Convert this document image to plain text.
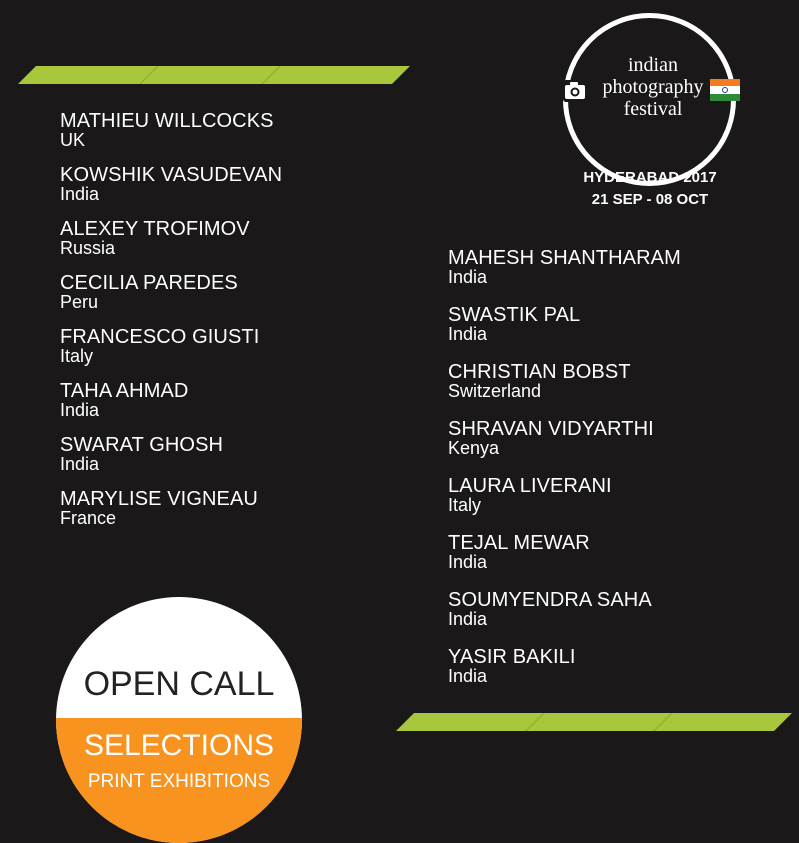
MATHIEU WILLCOCKS
UK
KOWSHIK VASUDEVAN
India
ALEXEY TROFIMOV
Russia
CECILIA PAREDES
Peru
FRANCESCO GIUSTI
Italy
TAHA AHMAD
India
SWARAT GHOSH
India
MARYLISE VIGNEAU
France
MAHESH SHANTHARAM
India
SWASTIK PAL
India
CHRISTIAN BOBST
Switzerland
SHRAVAN VIDYARTHI
Kenya
LAURA LIVERANI
Italy
TEJAL MEWAR
India
SOUMYENDRA SAHA
India
YASIR BAKILI
India
indian
photography
festival
HYDERABAD 2017
21 SEP - 08 OCT
OPEN CALL
SELECTIONS
PRINT EXHIBITIONS
